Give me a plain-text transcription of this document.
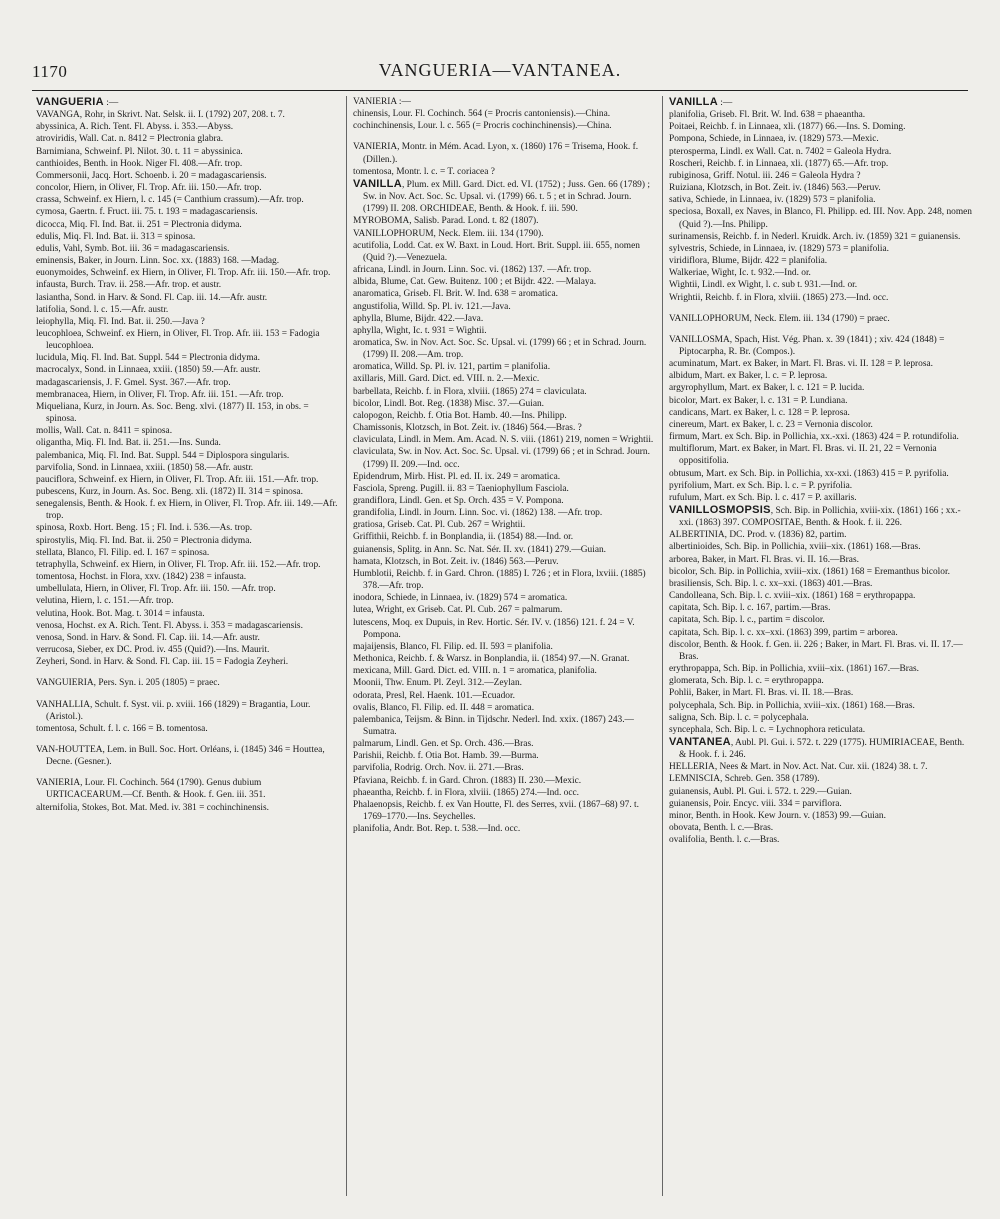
1170	VANGUERIA—VANTANEA.

VANGUERIA :—

VAVANGA, Rohr, in Skrivt. Nat. Selsk. ii. I. (1792) 207, 208. t. 7.

abyssinica, A. Rich. Tent. Fl. Abyss. i. 353.—Abyss.

atroviridis, Wall. Cat. n. 8412 = Plectronia glabra.

Barnimiana, Schweinf. Pl. Nilot. 30. t. 11 = abyssinica.

canthioides, Benth. in Hook. Niger Fl. 408.—Afr. trop.

Commersonii, Jacq. Hort. Schoenb. i. 20 = madagascariensis.

concolor, Hiern, in Oliver, Fl. Trop. Afr. iii. 150.—Afr. trop.

crassa, Schweinf. ex Hiern, l. c. 145 (= Canthium crassum).—Afr. trop.

cymosa, Gaertn. f. Fruct. iii. 75. t. 193 = madagascariensis.

dicocca, Miq. Fl. Ind. Bat. ii. 251 = Plectronia didyma.

edulis, Miq. Fl. Ind. Bat. ii. 313 = spinosa.

edulis, Vahl, Symb. Bot. iii. 36 = madagascariensis.

eminensis, Baker, in Journ. Linn. Soc. xx. (1883) 168. —Madag.

euonymoides, Schweinf. ex Hiern, in Oliver, Fl. Trop. Afr. iii. 150.—Afr. trop.

infausta, Burch. Trav. ii. 258.—Afr. trop. et austr.

lasiantha, Sond. in Harv. & Sond. Fl. Cap. iii. 14.—Afr. austr.

latifolia, Sond. l. c. 15.—Afr. austr.

leiophylla, Miq. Fl. Ind. Bat. ii. 250.—Java ?

leucophloea, Schweinf. ex Hiern, in Oliver, Fl. Trop. Afr. iii. 153 = Fadogia leucophloea.

lucidula, Miq. Fl. Ind. Bat. Suppl. 544 = Plectronia didyma.

macrocalyx, Sond. in Linnaea, xxiii. (1850) 59.—Afr. austr.

madagascariensis, J. F. Gmel. Syst. 367.—Afr. trop.

membranacea, Hiern, in Oliver, Fl. Trop. Afr. iii. 151. —Afr. trop.

Miqueliana, Kurz, in Journ. As. Soc. Beng. xlvi. (1877) II. 153, in obs. = spinosa.

mollis, Wall. Cat. n. 8411 = spinosa.

oligantha, Miq. Fl. Ind. Bat. ii. 251.—Ins. Sunda.

palembanica, Miq. Fl. Ind. Bat. Suppl. 544 = Diplospora singularis.

parvifolia, Sond. in Linnaea, xxiii. (1850) 58.—Afr. austr.

pauciflora, Schweinf. ex Hiern, in Oliver, Fl. Trop. Afr. iii. 151.—Afr. trop.

pubescens, Kurz, in Journ. As. Soc. Beng. xli. (1872) II. 314 = spinosa.

senegalensis, Benth. & Hook. f. ex Hiern, in Oliver, Fl. Trop. Afr. iii. 149.—Afr. trop.

spinosa, Roxb. Hort. Beng. 15 ; Fl. Ind. i. 536.—As. trop.

spirostylis, Miq. Fl. Ind. Bat. ii. 250 = Plectronia didyma.

stellata, Blanco, Fl. Filip. ed. I. 167 = spinosa.

tetraphylla, Schweinf. ex Hiern, in Oliver, Fl. Trop. Afr. iii. 152.—Afr. trop.

tomentosa, Hochst. in Flora, xxv. (1842) 238 = infausta.

umbellulata, Hiern, in Oliver, Fl. Trop. Afr. iii. 150. —Afr. trop.

velutina, Hiern, l. c. 151.—Afr. trop.

velutina, Hook. Bot. Mag. t. 3014 = infausta.

venosa, Hochst. ex A. Rich. Tent. Fl. Abyss. i. 353 = madagascariensis.

venosa, Sond. in Harv. & Sond. Fl. Cap. iii. 14.—Afr. austr.

verrucosa, Sieber, ex DC. Prod. iv. 455 (Quid?).—Ins. Maurit.

Zeyheri, Sond. in Harv. & Sond. Fl. Cap. iii. 15 = Fadogia Zeyheri.

VANGUIERIA, Pers. Syn. i. 205 (1805) = praec.

VANHALLIA, Schult. f. Syst. vii. p. xviii. 166 (1829) = Bragantia, Lour. (Aristol.).

tomentosa, Schult. f. l. c. 166 = B. tomentosa.

VAN-HOUTTEA, Lem. in Bull. Soc. Hort. Orléans, i. (1845) 346 = Houttea, Decne. (Gesner.).

VANIERIA, Lour. Fl. Cochinch. 564 (1790). Genus dubium URTICACEARUM.—Cf. Benth. & Hook. f. Gen. iii. 351.

alternifolia, Stokes, Bot. Mat. Med. iv. 381 = cochinchinensis.

VANIERIA :—

chinensis, Lour. Fl. Cochinch. 564 (= Procris cantoniensis).—China.

cochinchinensis, Lour. l. c. 565 (= Procris cochinchinensis).—China.

VANIERIA, Montr. in Mém. Acad. Lyon, x. (1860) 176 = Trisema, Hook. f. (Dillen.).

tomentosa, Montr. l. c. = T. coriacea ?

VANILLA, Plum. ex Mill. Gard. Dict. ed. VI. (1752) ; Juss. Gen. 66 (1789) ; Sw. in Nov. Act. Soc. Sc. Upsal. vi. (1799) 66. t. 5 ; et in Schrad. Journ. (1799) II. 208. ORCHIDEAE, Benth. & Hook. f. iii. 590.

MYROBOMA, Salisb. Parad. Lond. t. 82 (1807).

VANILLOPHORUM, Neck. Elem. iii. 134 (1790).

acutifolia, Lodd. Cat. ex W. Baxt. in Loud. Hort. Brit. Suppl. iii. 655, nomen (Quid ?).—Venezuela.

africana, Lindl. in Journ. Linn. Soc. vi. (1862) 137. —Afr. trop.

albida, Blume, Cat. Gew. Buitenz. 100 ; et Bijdr. 422. —Malaya.

anaromatica, Griseb. Fl. Brit. W. Ind. 638 = aromatica.

angustifolia, Willd. Sp. Pl. iv. 121.—Java.

aphylla, Blume, Bijdr. 422.—Java.

aphylla, Wight, Ic. t. 931 = Wightii.

aromatica, Sw. in Nov. Act. Soc. Sc. Upsal. vi. (1799) 66 ; et in Schrad. Journ. (1799) II. 208.—Am. trop.

aromatica, Willd. Sp. Pl. iv. 121, partim = planifolia.

axillaris, Mill. Gard. Dict. ed. VIII. n. 2.—Mexic.

barbellata, Reichb. f. in Flora, xlviii. (1865) 274 = claviculata.

bicolor, Lindl. Bot. Reg. (1838) Misc. 37.—Guian.

calopogon, Reichb. f. Otia Bot. Hamb. 40.—Ins. Philipp.

Chamissonis, Klotzsch, in Bot. Zeit. iv. (1846) 564.—Bras. ?

claviculata, Lindl. in Mem. Am. Acad. N. S. viii. (1861) 219, nomen = Wrightii.

claviculata, Sw. in Nov. Act. Soc. Sc. Upsal. vi. (1799) 66 ; et in Schrad. Journ. (1799) II. 209.—Ind. occ.

Epidendrum, Mirb. Hist. Pl. ed. II. ix. 249 = aromatica.

Fasciola, Spreng. Pugill. ii. 83 = Taeniophyllum Fasciola.

grandiflora, Lindl. Gen. et Sp. Orch. 435 = V. Pompona.

grandifolia, Lindl. in Journ. Linn. Soc. vi. (1862) 138. —Afr. trop.

gratiosa, Griseb. Cat. Pl. Cub. 267 = Wrightii.

Griffithii, Reichb. f. in Bonplandia, ii. (1854) 88.—Ind. or.

guianensis, Splitg. in Ann. Sc. Nat. Sér. II. xv. (1841) 279.—Guian.

hamata, Klotzsch, in Bot. Zeit. iv. (1846) 563.—Peruv.

Humblotii, Reichb. f. in Gard. Chron. (1885) I. 726 ; et in Flora, lxviii. (1885) 378.—Afr. trop.

inodora, Schiede, in Linnaea, iv. (1829) 574 = aromatica.

lutea, Wright, ex Griseb. Cat. Pl. Cub. 267 = palmarum.

lutescens, Moq. ex Dupuis, in Rev. Hortic. Sér. IV. v. (1856) 121. f. 24 = V. Pompona.

majaijensis, Blanco, Fl. Filip. ed. II. 593 = planifolia.

Methonica, Reichb. f. & Warsz. in Bonplandia, ii. (1854) 97.—N. Granat.

mexicana, Mill. Gard. Dict. ed. VIII. n. 1 = aromatica, planifolia.

Moonii, Thw. Enum. Pl. Zeyl. 312.—Zeylan.

odorata, Presl, Rel. Haenk. 101.—Ecuador.

ovalis, Blanco, Fl. Filip. ed. II. 448 = aromatica.

palembanica, Teijsm. & Binn. in Tijdschr. Nederl. Ind. xxix. (1867) 243.—Sumatra.

palmarum, Lindl. Gen. et Sp. Orch. 436.—Bras.

Parishii, Reichb. f. Otia Bot. Hamb. 39.—Burma.

parvifolia, Rodrig. Orch. Nov. ii. 271.—Bras.

Pfaviana, Reichb. f. in Gard. Chron. (1883) II. 230.—Mexic.

phaeantha, Reichb. f. in Flora, xlviii. (1865) 274.—Ind. occ.

Phalaenopsis, Reichb. f. ex Van Houtte, Fl. des Serres, xvii. (1867–68) 97. t. 1769–1770.—Ins. Seychelles.

planifolia, Andr. Bot. Rep. t. 538.—Ind. occ.

VANILLA :—

planifolia, Griseb. Fl. Brit. W. Ind. 638 = phaeantha.

Poitaei, Reichb. f. in Linnaea, xli. (1877) 66.—Ins. S. Doming.

Pompona, Schiede, in Linnaea, iv. (1829) 573.—Mexic.

pterosperma, Lindl. ex Wall. Cat. n. 7402 = Galeola Hydra.

Roscheri, Reichb. f. in Linnaea, xli. (1877) 65.—Afr. trop.

rubiginosa, Griff. Notul. iii. 246 = Galeola Hydra ?

Ruiziana, Klotzsch, in Bot. Zeit. iv. (1846) 563.—Peruv.

sativa, Schiede, in Linnaea, iv. (1829) 573 = planifolia.

speciosa, Boxall, ex Naves, in Blanco, Fl. Philipp. ed. III. Nov. App. 248, nomen (Quid ?).—Ins. Philipp.

surinamensis, Reichb. f. in Nederl. Kruidk. Arch. iv. (1859) 321 = guianensis.

sylvestris, Schiede, in Linnaea, iv. (1829) 573 = planifolia.

viridiflora, Blume, Bijdr. 422 = planifolia.

Walkeriae, Wight, Ic. t. 932.—Ind. or.

Wightii, Lindl. ex Wight, l. c. sub t. 931.—Ind. or.

Wrightii, Reichb. f. in Flora, xlviii. (1865) 273.—Ind. occ.

VANILLOPHORUM, Neck. Elem. iii. 134 (1790) = praec.

VANILLOSMA, Spach, Hist. Vég. Phan. x. 39 (1841) ; xiv. 424 (1848) = Piptocarpha, R. Br. (Compos.).

acuminatum, Mart. ex Baker, in Mart. Fl. Bras. vi. II. 128 = P. leprosa.

albidum, Mart. ex Baker, l. c. = P. leprosa.

argyrophyllum, Mart. ex Baker, l. c. 121 = P. lucida.

bicolor, Mart. ex Baker, l. c. 131 = P. Lundiana.

candicans, Mart. ex Baker, l. c. 128 = P. leprosa.

cinereum, Mart. ex Baker, l. c. 23 = Vernonia discolor.

firmum, Mart. ex Sch. Bip. in Pollichia, xx.-xxi. (1863) 424 = P. rotundifolia.

multiflorum, Mart. ex Baker, in Mart. Fl. Bras. vi. II. 21, 22 = Vernonia oppositifolia.

obtusum, Mart. ex Sch. Bip. in Pollichia, xx-xxi. (1863) 415 = P. pyrifolia.

pyrifolium, Mart. ex Sch. Bip. l. c. = P. pyrifolia.

rufulum, Mart. ex Sch. Bip. l. c. 417 = P. axillaris.

VANILLOSMOPSIS, Sch. Bip. in Pollichia, xviii-xix. (1861) 166 ; xx.-xxi. (1863) 397. COMPOSITAE, Benth. & Hook. f. ii. 226.

ALBERTINIA, DC. Prod. v. (1836) 82, partim.

albertinioides, Sch. Bip. in Pollichia, xviii–xix. (1861) 168.—Bras.

arborea, Baker, in Mart. Fl. Bras. vi. II. 16.—Bras.

bicolor, Sch. Bip. in Pollichia, xviii–xix. (1861) 168 = Eremanthus bicolor.

brasiliensis, Sch. Bip. l. c. xx–xxi. (1863) 401.—Bras.

Candolleana, Sch. Bip. l. c. xviii–xix. (1861) 168 = erythropappa.

capitata, Sch. Bip. l. c. 167, partim.—Bras.

capitata, Sch. Bip. l. c., partim = discolor.

capitata, Sch. Bip. l. c. xx–xxi. (1863) 399, partim = arborea.

discolor, Benth. & Hook. f. Gen. ii. 226 ; Baker, in Mart. Fl. Bras. vi. II. 17.—Bras.

erythropappa, Sch. Bip. in Pollichia, xviii–xix. (1861) 167.—Bras.

glomerata, Sch. Bip. l. c. = erythropappa.

Pohlii, Baker, in Mart. Fl. Bras. vi. II. 18.—Bras.

polycephala, Sch. Bip. in Pollichia, xviii–xix. (1861) 168.—Bras.

saligna, Sch. Bip. l. c. = polycephala.

syncephala, Sch. Bip. l. c. = Lychnophora reticulata.

VANTANEA, Aubl. Pl. Gui. i. 572. t. 229 (1775). HUMIRIACEAE, Benth. & Hook. f. i. 246.

HELLERIA, Nees & Mart. in Nov. Act. Nat. Cur. xii. (1824) 38. t. 7.

LEMNISCIA, Schreb. Gen. 358 (1789).

guianensis, Aubl. Pl. Gui. i. 572. t. 229.—Guian.

guianensis, Poir. Encyc. viii. 334 = parviflora.

minor, Benth. in Hook. Kew Journ. v. (1853) 99.—Guian.

obovata, Benth. l. c.—Bras.

ovalifolia, Benth. l. c.—Bras.
